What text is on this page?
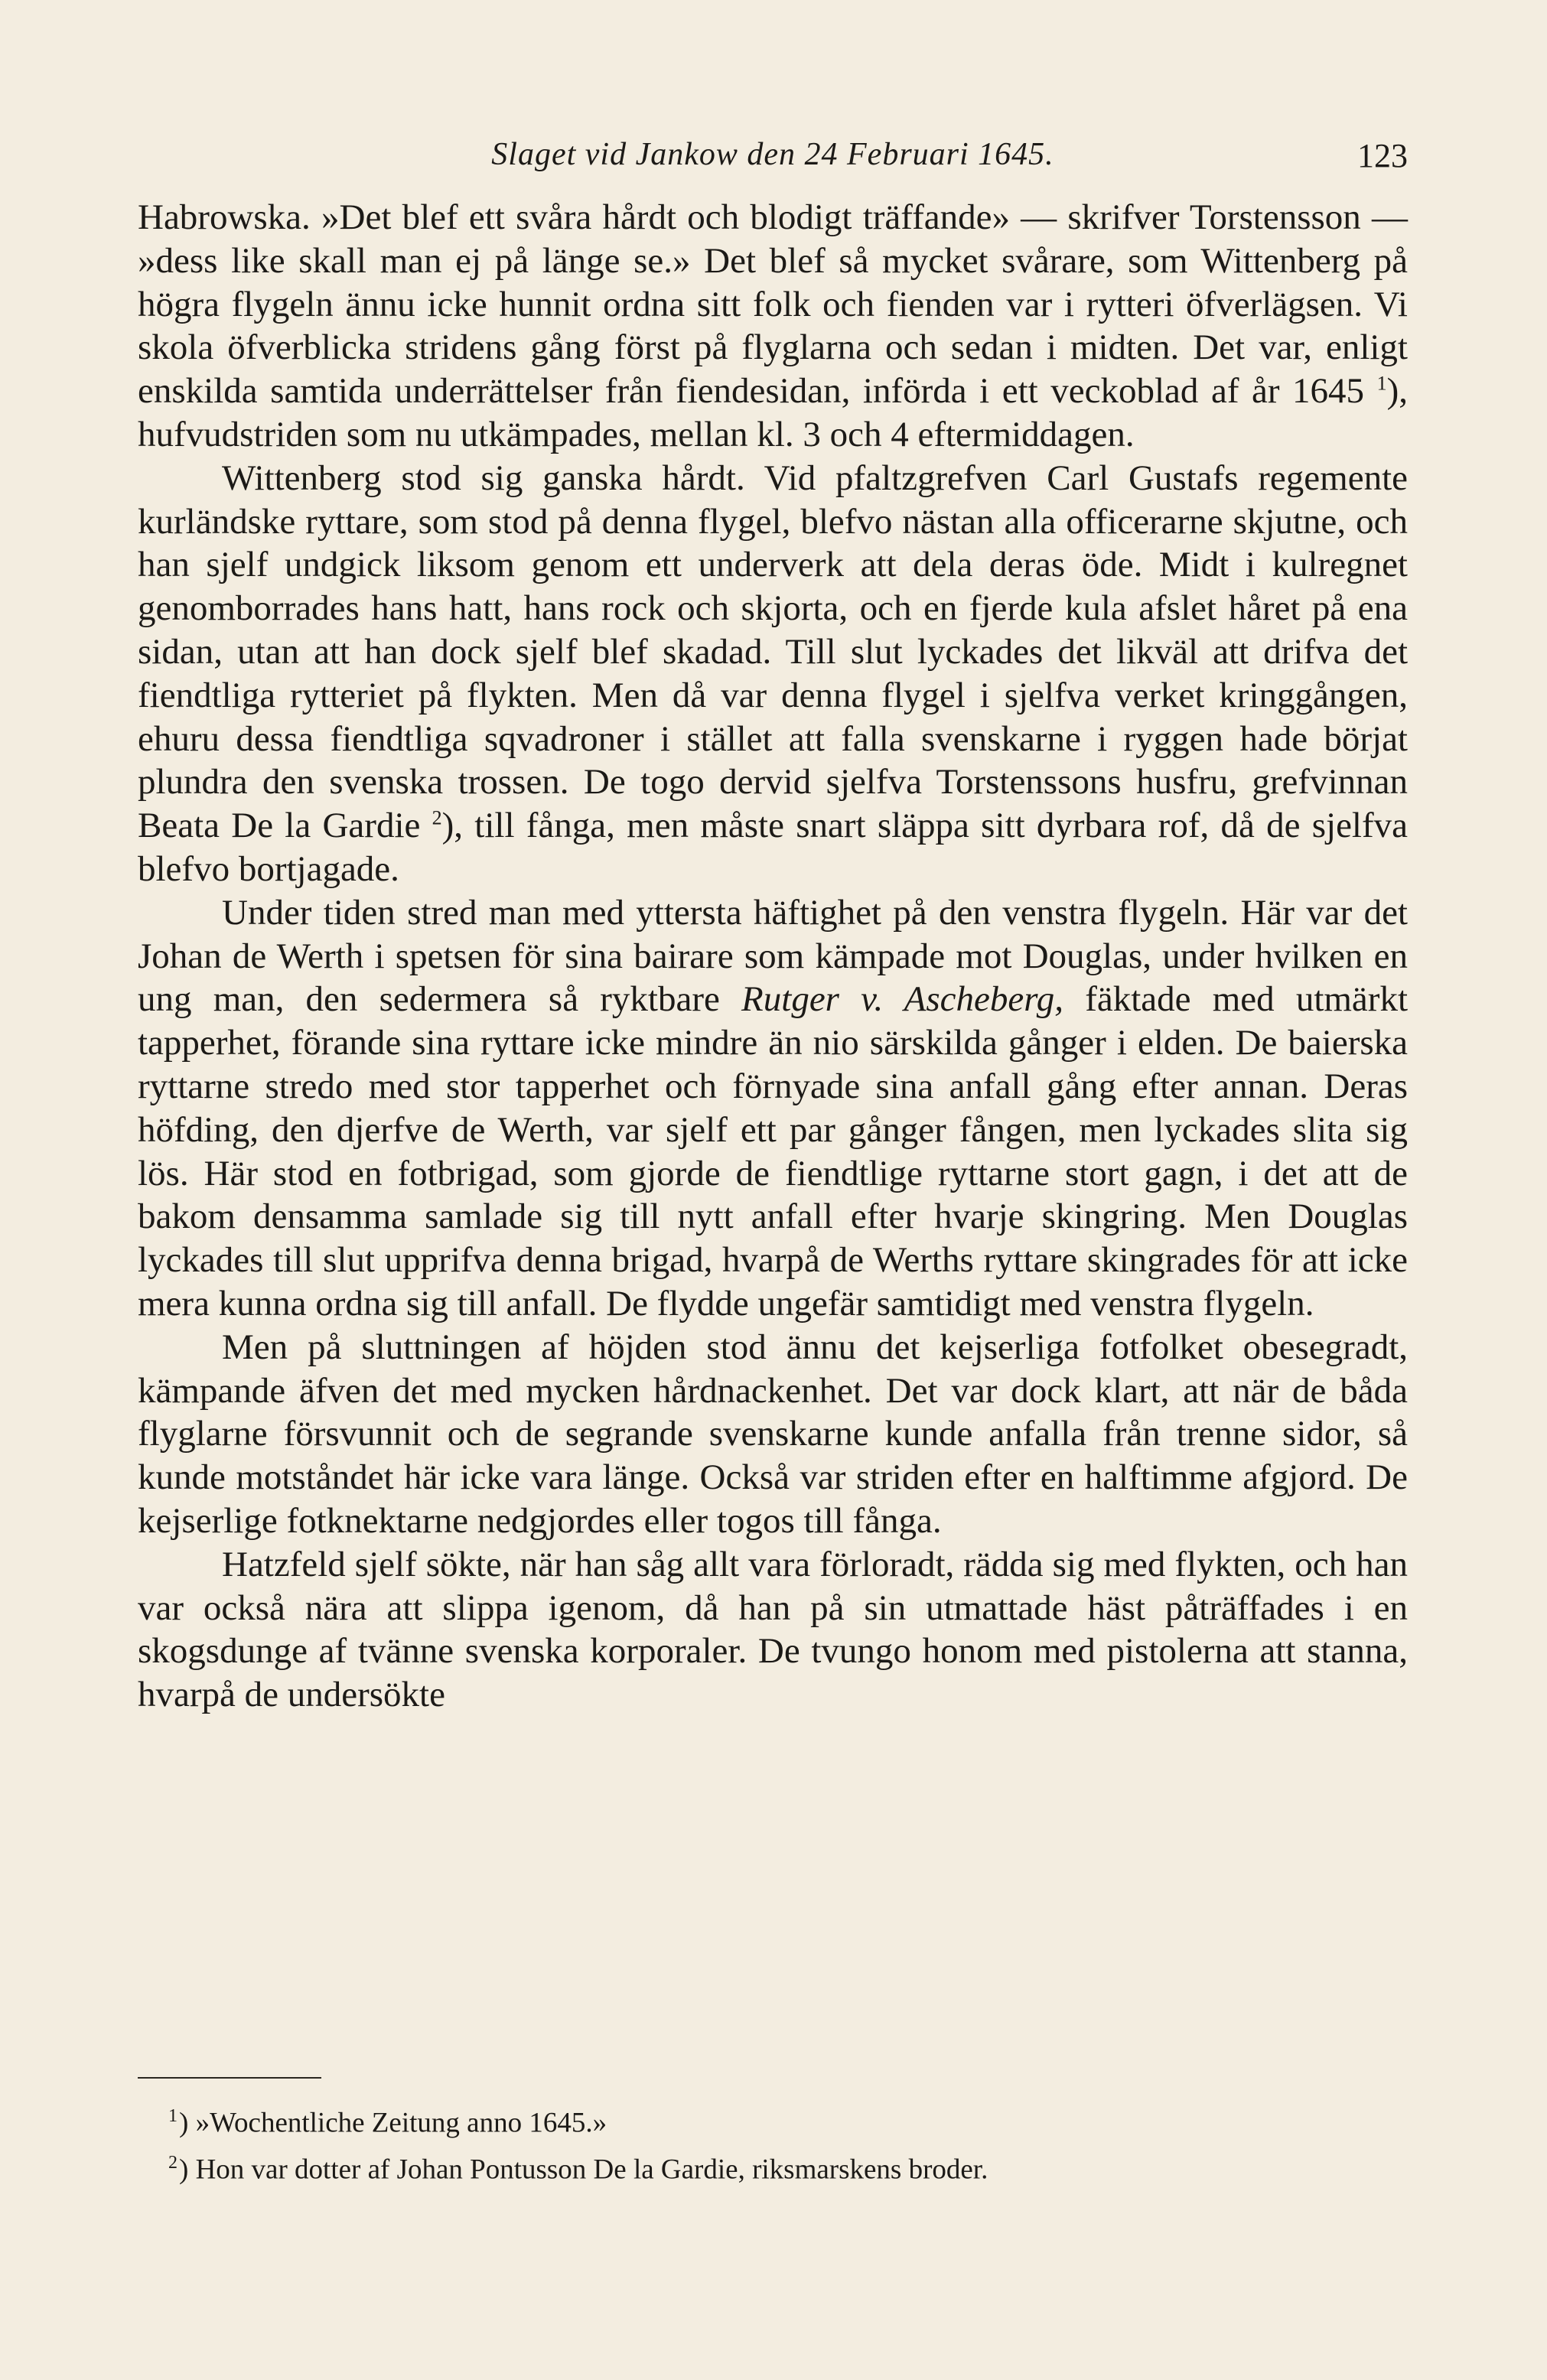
Slaget vid Jankow den 24 Februari 1645.	123

Habrowska. »Det blef ett svåra hårdt och blodigt träffande» — skrifver Torstensson — »dess like skall man ej på länge se.» Det blef så mycket svårare, som Wittenberg på högra flygeln ännu icke hunnit ordna sitt folk och fienden var i rytteri öfverlägsen. Vi skola öfverblicka stridens gång först på flyglarna och sedan i midten. Det var, enligt enskilda samtida underrättelser från fiendesidan, införda i ett veckoblad af år 1645 $^1$), hufvudstriden som nu utkämpades, mellan kl. 3 och 4 eftermiddagen.

Wittenberg stod sig ganska hårdt. Vid pfaltzgrefven Carl Gustafs regemente kurländske ryttare, som stod på denna flygel, blefvo nästan alla officerarne skjutne, och han sjelf undgick liksom genom ett underverk att dela deras öde. Midt i kulregnet genomborrades hans hatt, hans rock och skjorta, och en fjerde kula afslet håret på ena sidan, utan att han dock sjelf blef skadad. Till slut lyckades det likväl att drifva det fiendtliga rytteriet på flykten. Men då var denna flygel i sjelfva verket kringgången, ehuru dessa fiendtliga sqvadroner i stället att falla svenskarne i ryggen hade börjat plundra den svenska trossen. De togo dervid sjelfva Torstenssons husfru, grefvinnan Beata De la Gardie $^2$), till fånga, men måste snart släppa sitt dyrbara rof, då de sjelfva blefvo bortjagade.

Under tiden stred man med yttersta häftighet på den venstra flygeln. Här var det Johan de Werth i spetsen för sina bairare som kämpade mot Douglas, under hvilken en ung man, den sedermera så ryktbare Rutger v. Ascheberg, fäktade med utmärkt tapperhet, förande sina ryttare icke mindre än nio särskilda gånger i elden. De baierska ryttarne stredo med stor tapperhet och förnyade sina anfall gång efter annan. Deras höfding, den djerfve de Werth, var sjelf ett par gånger fången, men lyckades slita sig lös. Här stod en fotbrigad, som gjorde de fiendtlige ryttarne stort gagn, i det att de bakom densamma samlade sig till nytt anfall efter hvarje skingring. Men Douglas lyckades till slut upprifva denna brigad, hvarpå de Werths ryttare skingrades för att icke mera kunna ordna sig till anfall. De flydde ungefär samtidigt med venstra flygeln.

Men på sluttningen af höjden stod ännu det kejserliga fotfolket obesegradt, kämpande äfven det med mycken hårdnackenhet. Det var dock klart, att när de båda flyglarne försvunnit och de segrande svenskarne kunde anfalla från trenne sidor, så kunde motståndet här icke vara länge. Också var striden efter en halftimme afgjord. De kejserlige fotknektarne nedgjordes eller togos till fånga.

Hatzfeld sjelf sökte, när han såg allt vara förloradt, rädda sig med flykten, och han var också nära att slippa igenom, då han på sin utmattade häst påträffades i en skogsdunge af tvänne svenska korporaler. De tvungo honom med pistolerna att stanna, hvarpå de undersökte

$^1$) »Wochentliche Zeitung anno 1645.»

$^2$) Hon var dotter af Johan Pontusson De la Gardie, riksmarskens broder.
